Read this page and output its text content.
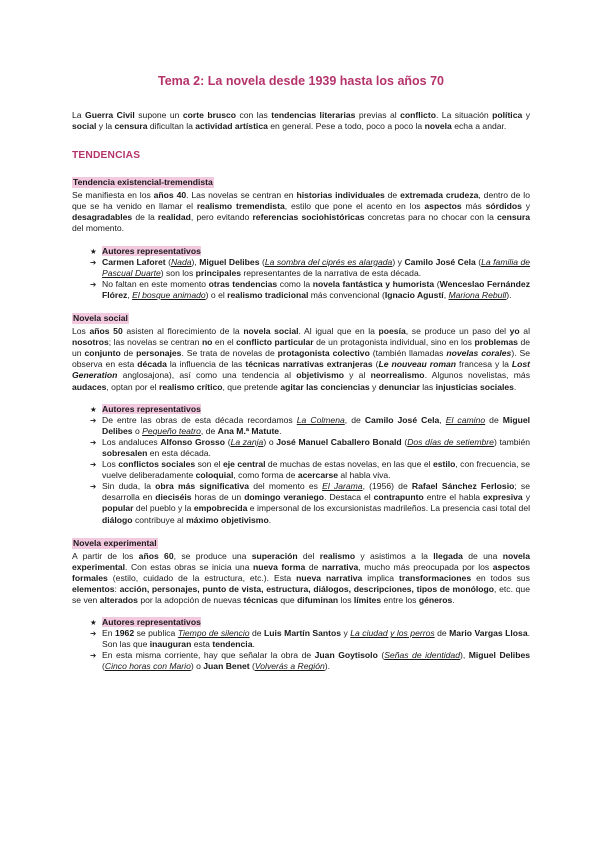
Tema 2: La novela desde 1939 hasta los años 70

La Guerra Civil supone un corte brusco con las tendencias literarias previas al conflicto. La situación política y social y la censura dificultan la actividad artística en general. Pese a todo, poco a poco la novela echa a andar.

TENDENCIAS
Tendencia existencial-tremendista

Se manifiesta en los años 40. Las novelas se centran en historias individuales de extremada crudeza, dentro de lo que se ha venido en llamar el realismo tremendista, estilo que pone el acento en los aspectos más sórdidos y desagradables de la realidad, pero evitando referencias sociohistóricas concretas para no chocar con la censura del momento.

★ Autores representativos
➔ Carmen Laforet (Nada), Miguel Delibes (La sombra del ciprés es alargada) y Camilo José Cela (La familia de Pascual Duarte) son los principales representantes de la narrativa de esta década.
➔ No faltan en este momento otras tendencias como la novela fantástica y humorista (Wenceslao Fernández Flórez, El bosque animado) o el realismo tradicional más convencional (Ignacio Agustí, Mariona Rebull).
Novela social

Los años 50 asisten al florecimiento de la novela social. Al igual que en la poesía, se produce un paso del yo al nosotros; las novelas se centran no en el conflicto particular de un protagonista individual, sino en los problemas de un conjunto de personajes. Se trata de novelas de protagonista colectivo (también llamadas novelas corales). Se observa en esta década la influencia de las técnicas narrativas extranjeras (Le nouveau roman francesa y la Lost Generation anglosajona), así como una tendencia al objetivismo y al neorrealismo. Algunos novelistas, más audaces, optan por el realismo crítico, que pretende agitar las conciencias y denunciar las injusticias sociales.

★ Autores representativos
➔ De entre las obras de esta década recordamos La Colmena, de Camilo José Cela, El camino de Miguel Delibes o Pequeño teatro, de Ana M.ª Matute.
➔ Los andaluces Alfonso Grosso (La zanja) o José Manuel Caballero Bonald (Dos días de setiembre) también sobresalen en esta década.
➔ Los conflictos sociales son el eje central de muchas de estas novelas, en las que el estilo, con frecuencia, se vuelve deliberadamente coloquial, como forma de acercarse al habla viva.
➔ Sin duda, la obra más significativa del momento es El Jarama, (1956) de Rafael Sánchez Ferlosio; se desarrolla en dieciséis horas de un domingo veraniego. Destaca el contrapunto entre el habla expresiva y popular del pueblo y la empobrecida e impersonal de los excursionistas madrileños. La presencia casi total del diálogo contribuye al máximo objetivismo.
Novela experimental

A partir de los años 60, se produce una superación del realismo y asistimos a la llegada de una novela experimental. Con estas obras se inicia una nueva forma de narrativa, mucho más preocupada por los aspectos formales (estilo, cuidado de la estructura, etc.). Esta nueva narrativa implica transformaciones en todos sus elementos: acción, personajes, punto de vista, estructura, diálogos, descripciones, tipos de monólogo, etc. que se ven alterados por la adopción de nuevas técnicas que difuminan los límites entre los géneros.

★ Autores representativos
➔ En 1962 se publica Tiempo de silencio de Luis Martín Santos y La ciudad y los perros de Mario Vargas Llosa. Son las que inauguran esta tendencia.
➔ En esta misma corriente, hay que señalar la obra de Juan Goytisolo (Señas de identidad), Miguel Delibes (Cinco horas con Mario) o Juan Benet (Volverás a Región).
